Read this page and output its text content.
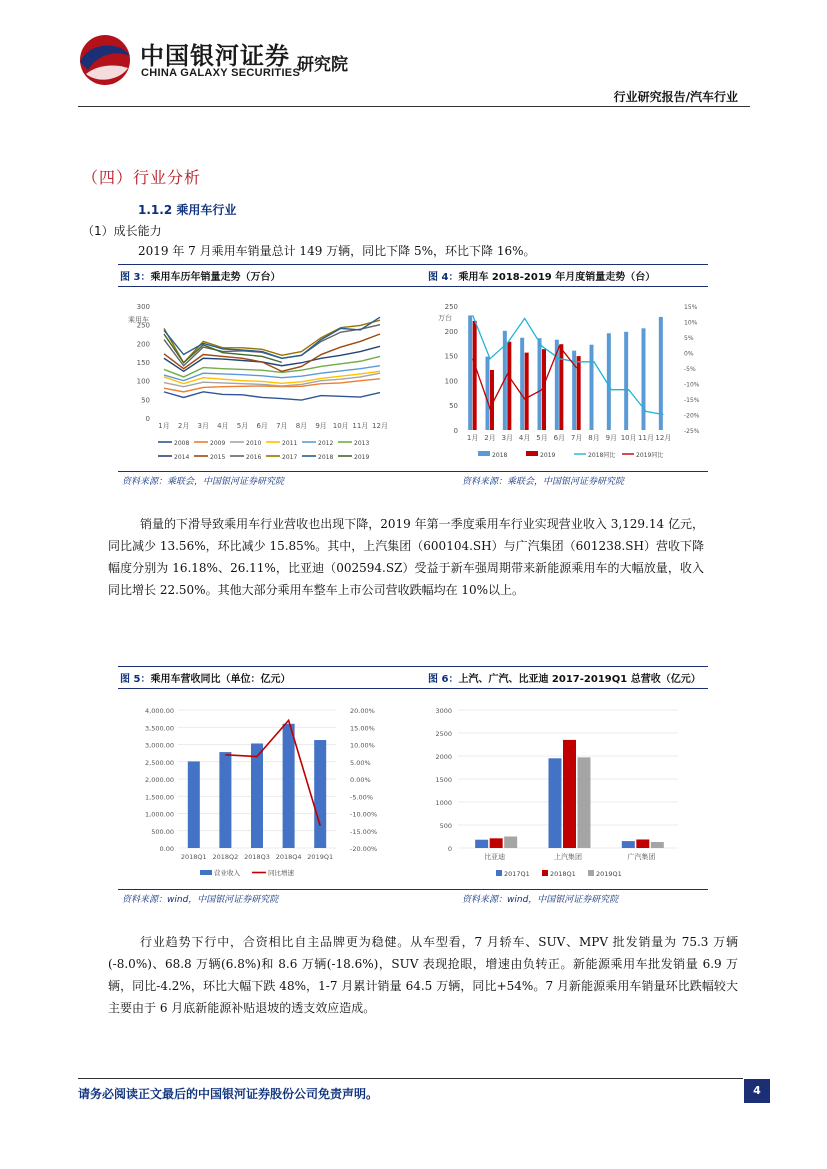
中国银河证券
CHINA GALAXY SECURITIES
研究院
行业研究报告/汽车行业
（四）行业分析
1.1.2 乘用车行业
（1）成长能力
2019 年 7 月乘用车销量总计 149 万辆，同比下降 5%，环比下降 16%。
图 3：乘用车历年销量走势（万台）	图 4：乘用车 2018-2019 年月度销量走势（台）
乘用车
0
50
100
150
200
250
300
1月 2月 3月 4月 5月 6月 7月 8月 9月 10月 11月 12月
2008	2009	2010	2011	2012	2013
2014	2015	2016	2017	2018	2019
万台
0
50
100
150
200
250	15%
10%
5%
0%
-5%
-10%
-15%
-20%
-25%
1月 2月 3月 4月 5月 6月 7月 8月 9月 10月 11月 12月
2018	2019	2018同比	2019同比
资料来源：乘联会，中国银河证券研究院	资料来源：乘联会，中国银河证券研究院
销量的下滑导致乘用车行业营收也出现下降，2019 年第一季度乘用车行业实现营业收入 3,129.14 亿元，同比减少 13.56%，环比减少 15.85%。其中，上汽集团（600104.SH）与广汽集团（601238.SH）营收下降幅度分别为 16.18%、26.11%，比亚迪（002594.SZ）受益于新车强周期带来新能源乘用车的大幅放量，收入同比增长 22.50%。其他大部分乘用车整车上市公司营收跌幅均在 10%以上。
图 5：乘用车营收同比（单位：亿元）	图 6：上汽、广汽、比亚迪 2017-2019Q1 总营收（亿元）
0.00
500.00
1,000.00
1,500.00
2,000.00
2,500.00
3,000.00
3,500.00
4,000.00	20.00%
15.00%
10.00%
5.00%
0.00%
-5.00%
-10.00%
-15.00%
-20.00%
2018Q1 2018Q2 2018Q3 2018Q4 2019Q1
营业收入	同比增速
0
500
1000
1500
2000
2500
3000
比亚迪	上汽集团	广汽集团
2017Q1	2018Q1	2019Q1
资料来源：wind，中国银河证券研究院	资料来源：wind，中国银河证券研究院
行业趋势下行中，合资相比自主品牌更为稳健。从车型看，7 月轿车、SUV、MPV 批发销量为 75.3 万辆(-8.0%)、68.8 万辆(6.8%)和 8.6 万辆(-18.6%)，SUV 表现抢眼，增速由负转正。新能源乘用车批发销量 6.9 万辆，同比-4.2%，环比大幅下跌 48%，1-7 月累计销量 64.5 万辆，同比+54%。7 月新能源乘用车销量环比跌幅较大主要由于 6 月底新能源补贴退坡的透支效应造成。
请务必阅读正文最后的中国银河证券股份公司免责声明。	4
